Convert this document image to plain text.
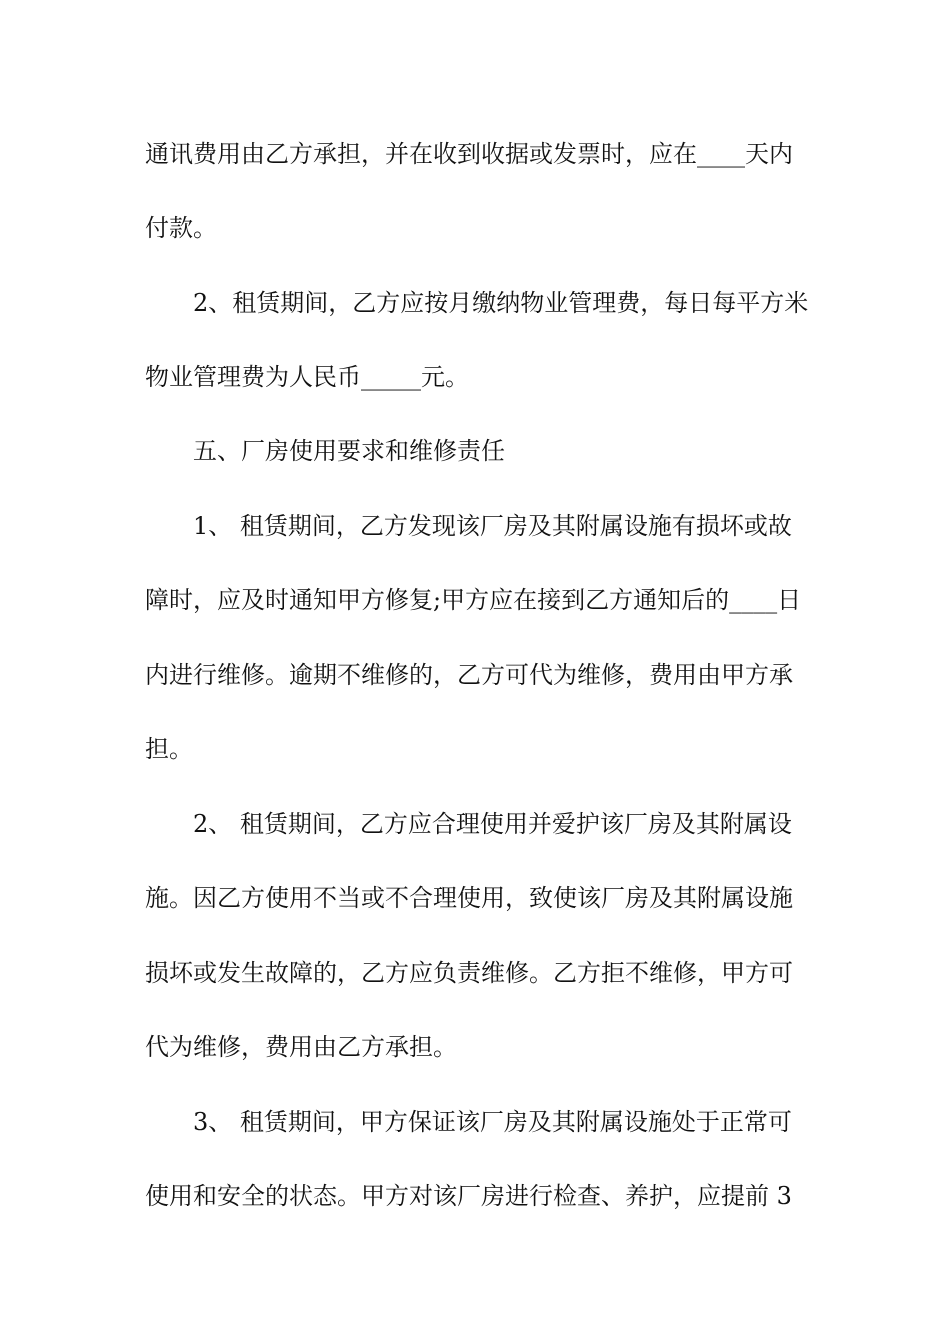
通讯费用由乙方承担，并在收到收据或发票时，应在____天内
付款。
2、租赁期间，乙方应按月缴纳物业管理费，每日每平方米
物业管理费为人民币_____元。
五、厂房使用要求和维修责任
1、 租赁期间，乙方发现该厂房及其附属设施有损坏或故
障时，应及时通知甲方修复;甲方应在接到乙方通知后的____日
内进行维修。逾期不维修的，乙方可代为维修，费用由甲方承
担。
2、 租赁期间，乙方应合理使用并爱护该厂房及其附属设
施。因乙方使用不当或不合理使用，致使该厂房及其附属设施
损坏或发生故障的，乙方应负责维修。乙方拒不维修，甲方可
代为维修，费用由乙方承担。
3、 租赁期间，甲方保证该厂房及其附属设施处于正常可
使用和安全的状态。甲方对该厂房进行检查、养护，应提前 3
